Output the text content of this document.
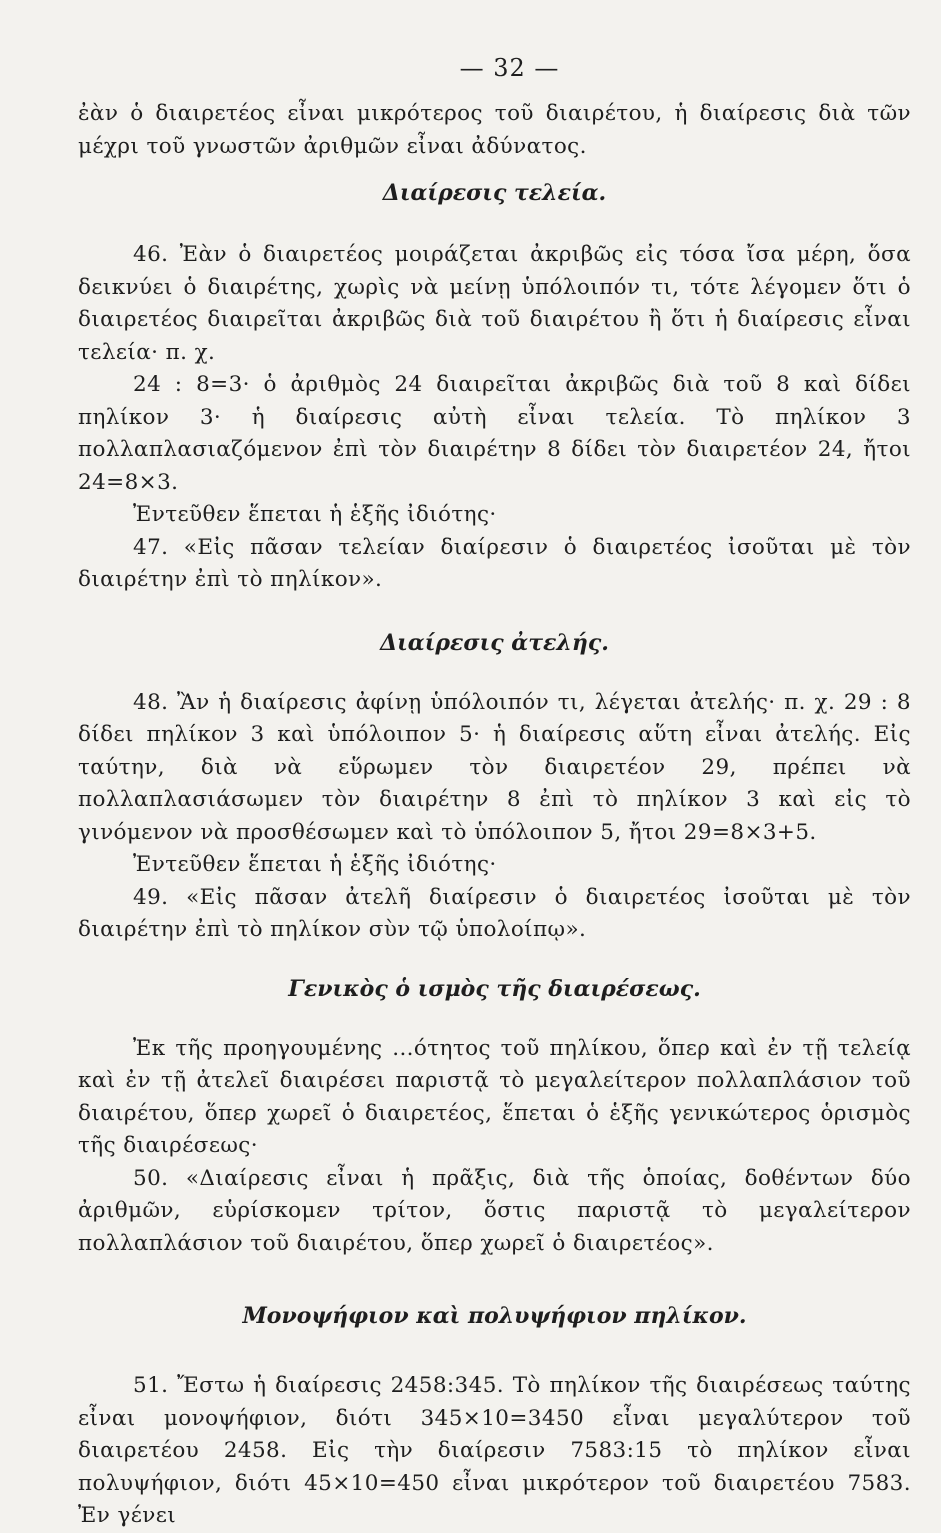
— 32 —

ἐὰν ὁ διαιρετέος εἶναι μικρότερος τοῦ διαιρέτου, ἡ διαίρεσις διὰ τῶν μέχρι τοῦ γνωστῶν ἀριθμῶν εἶναι ἀδύνατος.

Διαίρεσις τελεία.

46. Ἐὰν ὁ διαιρετέος μοιράζεται ἀκριβῶς εἰς τόσα ἴσα μέρη, ὅσα δεικνύει ὁ διαιρέτης, χωρὶς νὰ μείνῃ ὑπόλοιπόν τι, τότε λέγομεν ὅτι ὁ διαιρετέος διαιρεῖται ἀκριβῶς διὰ τοῦ διαιρέτου ἢ ὅτι ἡ διαίρεσις εἶναι τελεία· π. χ.

24 : 8=3· ὁ ἀριθμὸς 24 διαιρεῖται ἀκριβῶς διὰ τοῦ 8 καὶ δίδει πηλίκον 3· ἡ διαίρεσις αὐτὴ εἶναι τελεία. Τὸ πηλίκον 3 πολλαπλασιαζόμενον ἐπὶ τὸν διαιρέτην 8 δίδει τὸν διαιρετέον 24, ἤτοι 24=8×3.

Ἐντεῦθεν ἕπεται ἡ ἑξῆς ἰδιότης·

47. «Εἰς πᾶσαν τελείαν διαίρεσιν ὁ διαιρετέος ἰσοῦται μὲ τὸν διαιρέτην ἐπὶ τὸ πηλίκον».

Διαίρεσις ἀτελής.

48. Ἂν ἡ διαίρεσις ἀφίνῃ ὑπόλοιπόν τι, λέγεται ἀτελής· π. χ. 29 : 8 δίδει πηλίκον 3 καὶ ὑπόλοιπον 5· ἡ διαίρεσις αὕτη εἶναι ἀτελής. Εἰς ταύτην, διὰ νὰ εὕρωμεν τὸν διαιρετέον 29, πρέπει νὰ πολλαπλασιάσωμεν τὸν διαιρέτην 8 ἐπὶ τὸ πηλίκον 3 καὶ εἰς τὸ γινόμενον νὰ προσθέσωμεν καὶ τὸ ὑπόλοιπον 5, ἤτοι 29=8×3+5.

Ἐντεῦθεν ἕπεται ἡ ἑξῆς ἰδιότης·

49. «Εἰς πᾶσαν ἀτελῆ διαίρεσιν ὁ διαιρετέος ἰσοῦται μὲ τὸν διαιρέτην ἐπὶ τὸ πηλίκον σὺν τῷ ὑπολοίπῳ».

Γενικὸς ὁ ισμὸς τῆς διαιρέσεως.

Ἐκ τῆς προηγουμένης ...ότητος τοῦ πηλίκου, ὅπερ καὶ ἐν τῇ τελείᾳ καὶ ἐν τῇ ἀτελεῖ διαιρέσει παριστᾷ τὸ μεγαλείτερον πολλαπλάσιον τοῦ διαιρέτου, ὅπερ χωρεῖ ὁ διαιρετέος, ἕπεται ὁ ἑξῆς γενικώτερος ὁρισμὸς τῆς διαιρέσεως·

50. «Διαίρεσις εἶναι ἡ πρᾶξις, διὰ τῆς ὁποίας, δοθέντων δύο ἀριθμῶν, εὑρίσκομεν τρίτον, ὅστις παριστᾷ τὸ μεγαλείτερον πολλαπλάσιον τοῦ διαιρέτου, ὅπερ χωρεῖ ὁ διαιρετέος».

Μονοψήφιον καὶ πολυψήφιον πηλίκον.

51. Ἔστω ἡ διαίρεσις 2458:345. Τὸ πηλίκον τῆς διαιρέσεως ταύτης εἶναι μονοψήφιον, διότι 345×10=3450 εἶναι μεγαλύτερον τοῦ διαιρετέου 2458. Εἰς τὴν διαίρεσιν 7583:15 τὸ πηλίκον εἶναι πολυψήφιον, διότι 45×10=450 εἶναι μικρότερον τοῦ διαιρετέου 7583. Ἐν γένει
